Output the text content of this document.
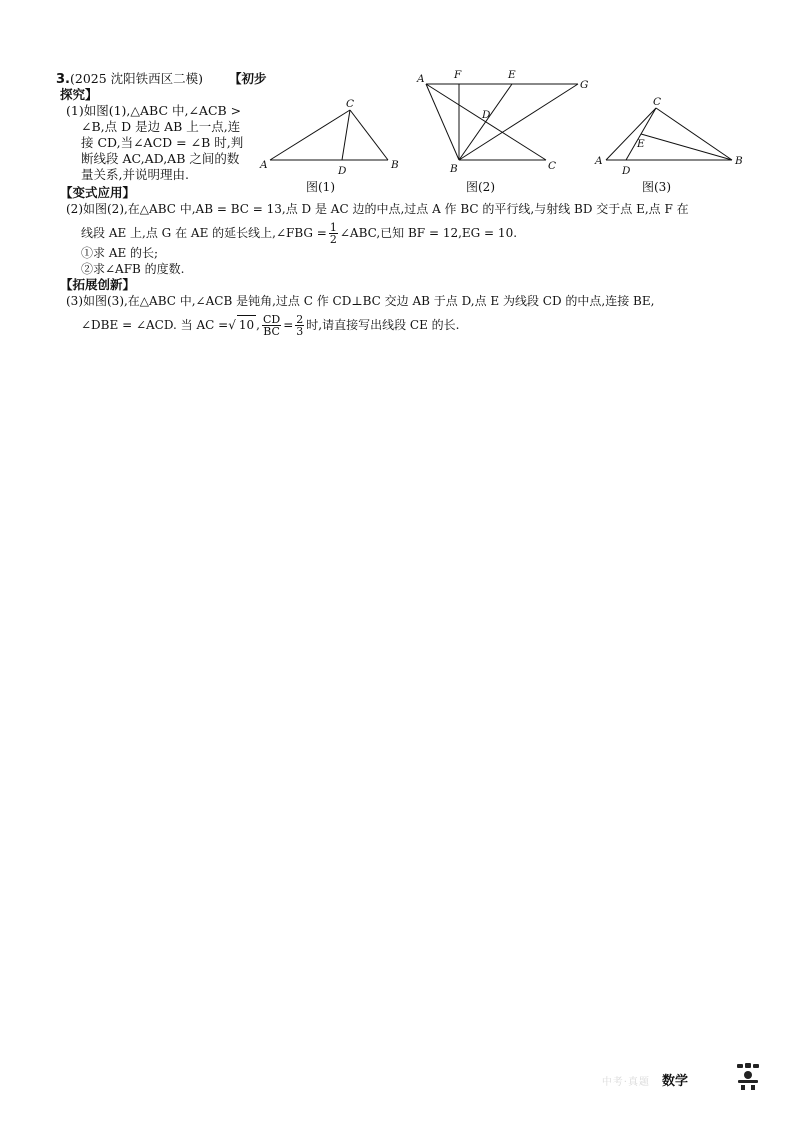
3.(2025 沈阳铁西区二模) 【初步
探究】
(1)如图(1),△ABC 中,∠ACB >
∠B,点 D 是边 AB 上一点,连
接 CD,当∠ACD = ∠B 时,判
断线段 AC,AD,AB 之间的数
量关系,并说明理由.
A	B
C
D
图(1)
A	F	E
G
D
B	C
图(2)
A	B
C
D
E
图(3)
【变式应用】
(2)如图(2),在△ABC 中,AB = BC = 13,点 D 是 AC 边的中点,过点 A 作 BC 的平行线,与射线 BD 交于点 E,点 F 在
线段 AE 上,点 G 在 AE 的延长线上,∠FBG = $\frac{1}{2}$ ∠ABC,已知 BF = 12,EG = 10.
①求 AE 的长;
②求∠AFB 的度数.
【拓展创新】
(3)如图(3),在△ABC 中,∠ACB 是钝角,过点 C 作 CD⊥BC 交边 AB 于点 D,点 E 为线段 CD 的中点,连接 BE,
∠DBE = ∠ACD. 当 AC =√ 10 , $\frac{CD}{BC} = \frac{2}{3}$ 时,请直接写出线段 CE 的长.
中考·真题 数学
